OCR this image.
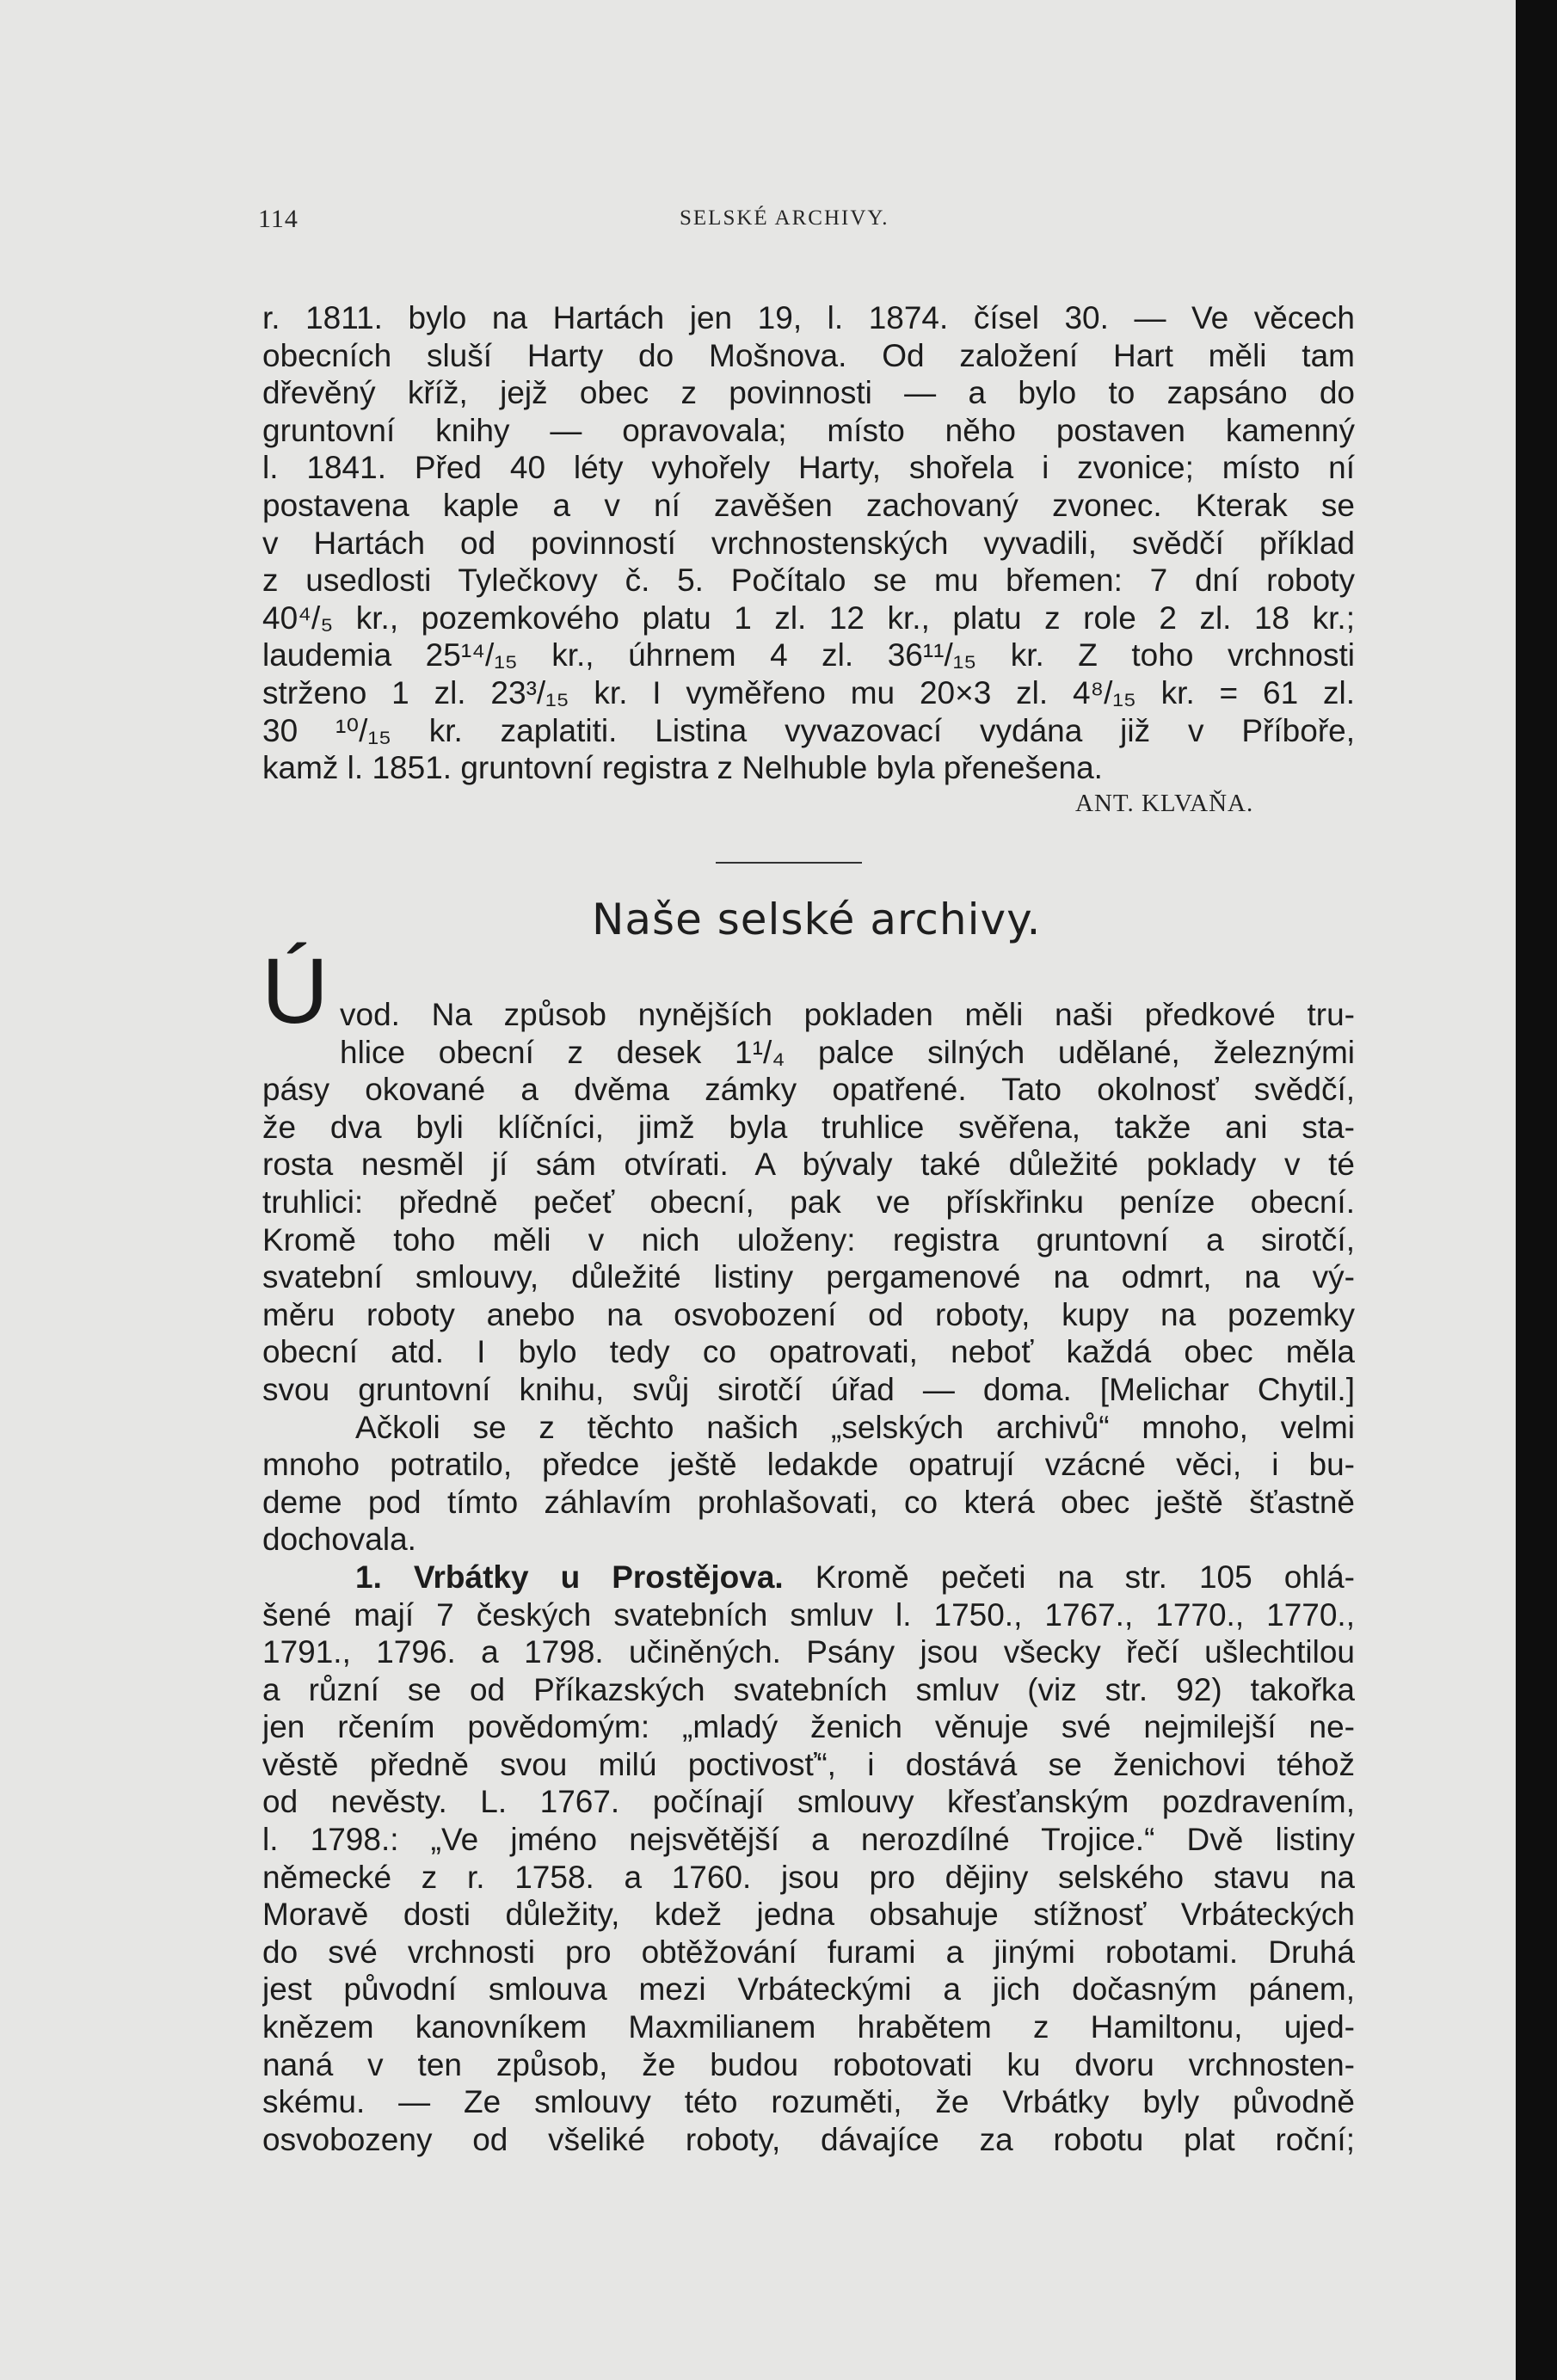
114	SELSKÉ ARCHIVY.
r. 1811. bylo na Hartách jen 19, l. 1874. čísel 30. — Ve věcech
obecních sluší Harty do Mošnova. Od založení Hart měli tam
dřevěný kříž, jejž obec z povinnosti — a bylo to zapsáno do
gruntovní knihy — opravovala; místo něho postaven kamenný
l. 1841. Před 40 léty vyhořely Harty, shořela i zvonice; místo ní
postavena kaple a v ní zavěšen zachovaný zvonec. Kterak se
v Hartách od povinností vrchnostenských vyvadili, svědčí příklad
z usedlosti Tylečkovy č. 5. Počítalo se mu břemen: 7 dní roboty
40⁴/₅ kr., pozemkového platu 1 zl. 12 kr., platu z role 2 zl. 18 kr.;
laudemia 25¹⁴/₁₅ kr., úhrnem 4 zl. 36¹¹/₁₅ kr. Z toho vrchnosti
strženo 1 zl. 23³/₁₅ kr. I vyměřeno mu 20×3 zl. 4⁸/₁₅ kr. = 61 zl.
30 ¹⁰/₁₅ kr. zaplatiti. Listina vyvazovací vydána již v Příboře,
kamž l. 1851. gruntovní registra z Nelhuble byla přenešena.
ANT. KLVAŇA.
Naše selské archivy.
Ú vod. Na způsob nynějších pokladen měli naši předkové tru-
hlice obecní z desek 1¹/₄ palce silných udělané, železnými
pásy okované a dvěma zámky opatřené. Tato okolnosť svědčí,
že dva byli klíčníci, jimž byla truhlice svěřena, takže ani sta-
rosta nesměl jí sám otvírati. A bývaly také důležité poklady v té
truhlici: předně pečeť obecní, pak ve přískřinku peníze obecní.
Kromě toho měli v nich uloženy: registra gruntovní a sirotčí,
svatební smlouvy, důležité listiny pergamenové na odmrt, na vý-
měru roboty anebo na osvobození od roboty, kupy na pozemky
obecní atd. I bylo tedy co opatrovati, neboť každá obec měla
svou gruntovní knihu, svůj sirotčí úřad — doma. [Melichar Chytil.]
Ačkoli se z těchto našich „selských archivů“ mnoho, velmi
mnoho potratilo, předce ještě ledakde opatrují vzácné věci, i bu-
deme pod tímto záhlavím prohlašovati, co která obec ještě šťastně
dochovala.
1. Vrbátky u Prostějova. Kromě pečeti na str. 105 ohlá-
šené mají 7 českých svatebních smluv l. 1750., 1767., 1770., 1770.,
1791., 1796. a 1798. učiněných. Psány jsou všecky řečí ušlechtilou
a různí se od Příkazských svatebních smluv (viz str. 92) takořka
jen rčením povědomým: „mladý ženich věnuje své nejmilejší ne-
věstě předně svou milú poctivosť“, i dostává se ženichovi téhož
od nevěsty. L. 1767. počínají smlouvy křesťanským pozdravením,
l. 1798.: „Ve jméno nejsvětější a nerozdílné Trojice.“ Dvě listiny
německé z r. 1758. a 1760. jsou pro dějiny selského stavu na
Moravě dosti důležity, kdež jedna obsahuje stížnosť Vrbáteckých
do své vrchnosti pro obtěžování furami a jinými robotami. Druhá
jest původní smlouva mezi Vrbáteckými a jich dočasným pánem,
knězem kanovníkem Maxmilianem hrabětem z Hamiltonu, ujed-
naná v ten způsob, že budou robotovati ku dvoru vrchnosten-
skému. — Ze smlouvy této rozuměti, že Vrbátky byly původně
osvobozeny od všeliké roboty, dávajíce za robotu plat roční;
